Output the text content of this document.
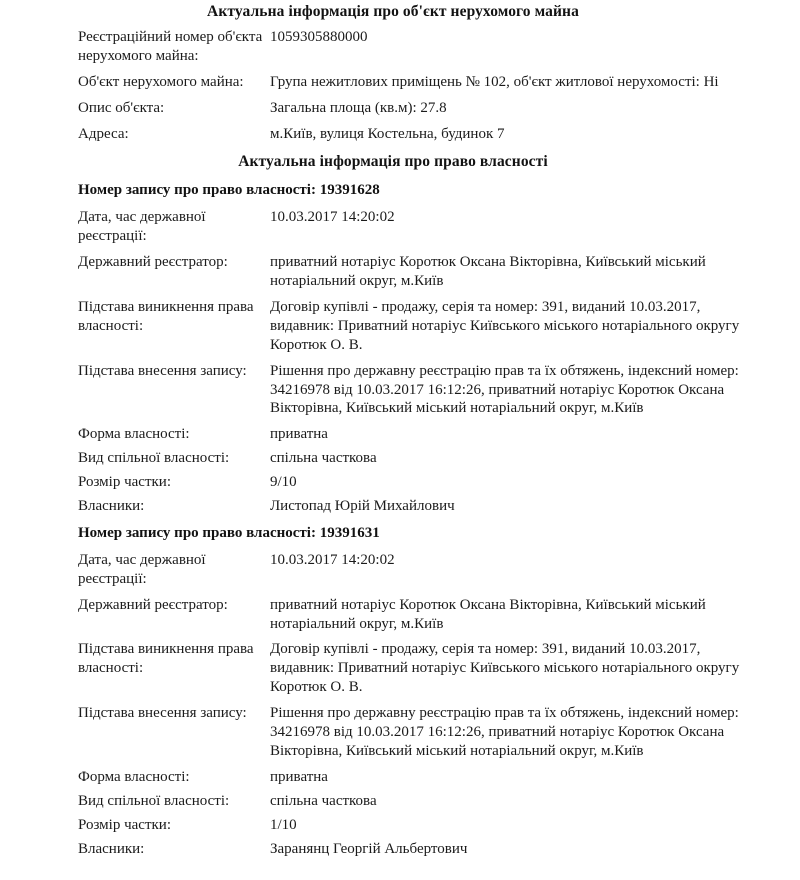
Актуальна інформація про об'єкт нерухомого майна
Реєстраційний номер об'єкта нерухомого майна:
1059305880000
Об'єкт нерухомого майна:	Група нежитлових приміщень № 102, об'єкт житлової нерухомості: Ні
Опис об'єкта:	Загальна площа (кв.м): 27.8
Адреса:	м.Київ, вулиця Костельна, будинок 7
Актуальна інформація про право власності
Номер запису про право власності: 19391628
Дата, час державної реєстрації:
10.03.2017 14:20:02
Державний реєстратор:	приватний нотаріус Коротюк Оксана Вікторівна, Київський міський нотаріальний округ, м.Київ
Підстава виникнення права власності:
Договір купівлі - продажу, серія та номер: 391, виданий 10.03.2017, видавник: Приватний нотаріус Київського міського нотаріального округу Коротюк О. В.
Підстава внесення запису:	Рішення про державну реєстрацію прав та їх обтяжень, індексний номер: 34216978 від 10.03.2017 16:12:26, приватний нотаріус Коротюк Оксана Вікторівна, Київський міський нотаріальний округ, м.Київ
Форма власності:	приватна
Вид спільної власності:	спільна часткова
Розмір частки:	9/10
Власники:	Листопад Юрій Михайлович
Номер запису про право власності: 19391631
Дата, час державної реєстрації:
10.03.2017 14:20:02
Державний реєстратор:	приватний нотаріус Коротюк Оксана Вікторівна, Київський міський нотаріальний округ, м.Київ
Підстава виникнення права власності:
Договір купівлі - продажу, серія та номер: 391, виданий 10.03.2017, видавник: Приватний нотаріус Київського міського нотаріального округу Коротюк О. В.
Підстава внесення запису:	Рішення про державну реєстрацію прав та їх обтяжень, індексний номер: 34216978 від 10.03.2017 16:12:26, приватний нотаріус Коротюк Оксана Вікторівна, Київський міський нотаріальний округ, м.Київ
Форма власності:	приватна
Вид спільної власності:	спільна часткова
Розмір частки:	1/10
Власники:	Заранянц Георгій Альбертович
